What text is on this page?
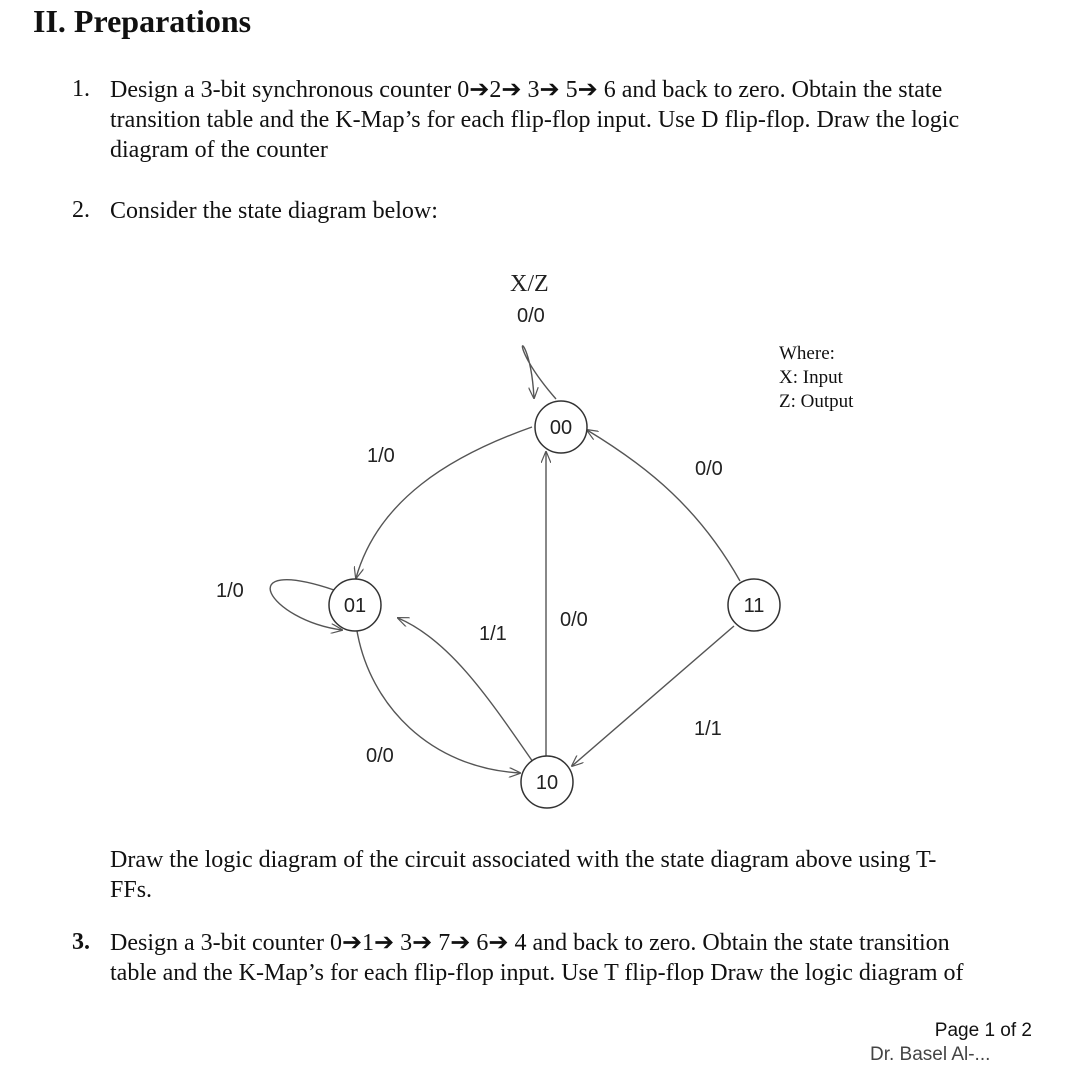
II. Preparations
1. Design a 3-bit synchronous counter 0➔2➔ 3➔ 5➔ 6 and back to zero. Obtain the state
transition table and the K-Map’s for each flip-flop input. Use D flip-flop. Draw the logic
diagram of the counter
2. Consider the state diagram below:
X/Z
0/0
1/0
1/0
0/0
1/1
0/0
0/0
1/1
00
01
10
11
Where:
X: Input
Z: Output
Draw the logic diagram of the circuit associated with the state diagram above using T-
FFs.
3. Design a 3-bit counter 0➔1➔ 3➔ 7➔ 6➔ 4 and back to zero. Obtain the state transition
table and the K-Map’s for each flip-flop input. Use T flip-flop Draw the logic diagram of
Page 1 of 2
Dr. Basel Al-...
